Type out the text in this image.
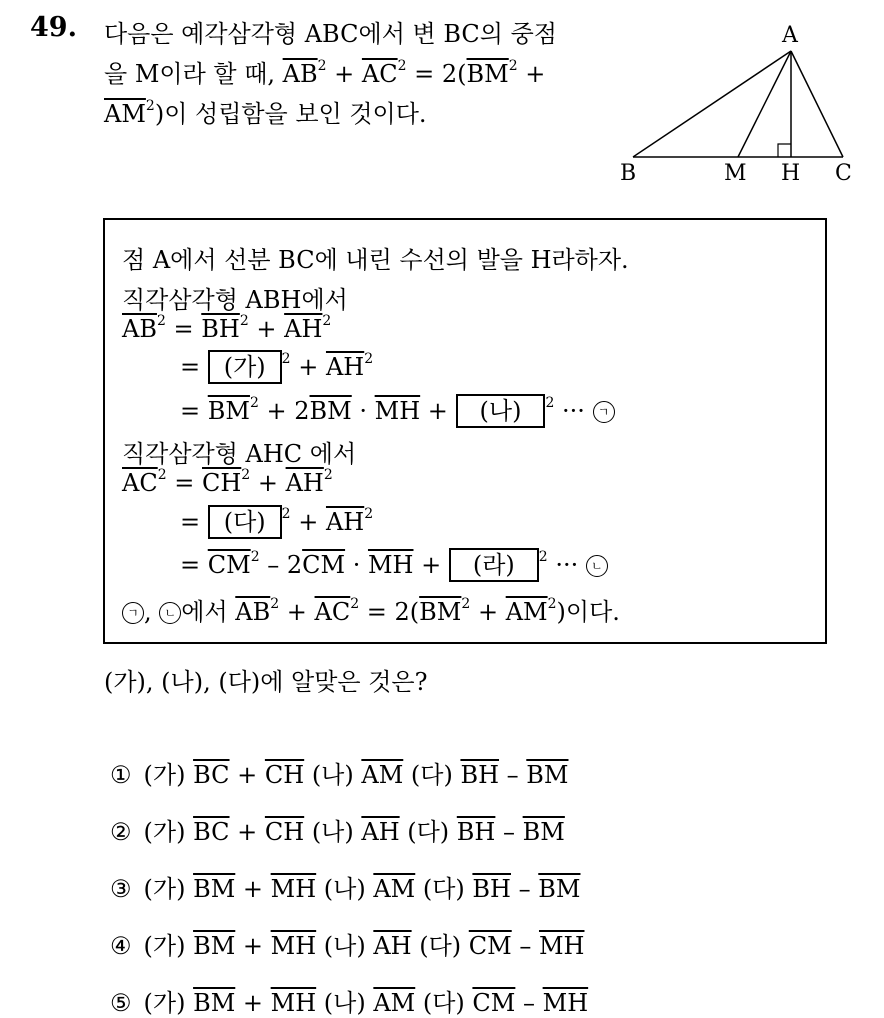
49. 다음은 예각삼각형 ABC에서 변 BC의 중점
을 M이라 할 때, $\overline{AB}^2 + \overline{AC}^2 = 2(\overline{BM}^2$ +
$\overline{AM}^2$)이 성립함을 보인 것이다.
A
B	M H C
점 A에서 선분 BC에 내린 수선의 발을 H라하자.
직각삼각형 ABH에서
$\overline{AB}^2 = \overline{BH}^2 + \overline{AH}^2$
= (가) $^2 + \overline{AH}^2$
= $\overline{BM}^2 + 2\overline{BM} \cdot \overline{MH}$ + (나) $^2$ ··· ㄱ
직각삼각형 AHC 에서
$\overline{AC}^2 = \overline{CH}^2 + \overline{AH}^2$
= (다) $^2 + \overline{AH}^2$
= $\overline{CM}^2 - 2\overline{CM} \cdot \overline{MH}$ + (라) $^2$ ··· ㄴ
ㄱ , ㄴ 에서 $\overline{AB}^2 + \overline{AC}^2 = 2(\overline{BM}^2 + \overline{AM}^2)$이다.
(가), (나), (다)에 알맞은 것은?
① (가) $\overline{BC} + \overline{CH}$ (나) $\overline{AM}$ (다) $\overline{BH} - \overline{BM}$
② (가) $\overline{BC} + \overline{CH}$ (나) $\overline{AH}$ (다) $\overline{BH} - \overline{BM}$
③ (가) $\overline{BM} + \overline{MH}$ (나) $\overline{AM}$ (다) $\overline{BH} - \overline{BM}$
④ (가) $\overline{BM} + \overline{MH}$ (나) $\overline{AH}$ (다) $\overline{CM} - \overline{MH}$
⑤ (가) $\overline{BM} + \overline{MH}$ (나) $\overline{AM}$ (다) $\overline{CM} - \overline{MH}$
